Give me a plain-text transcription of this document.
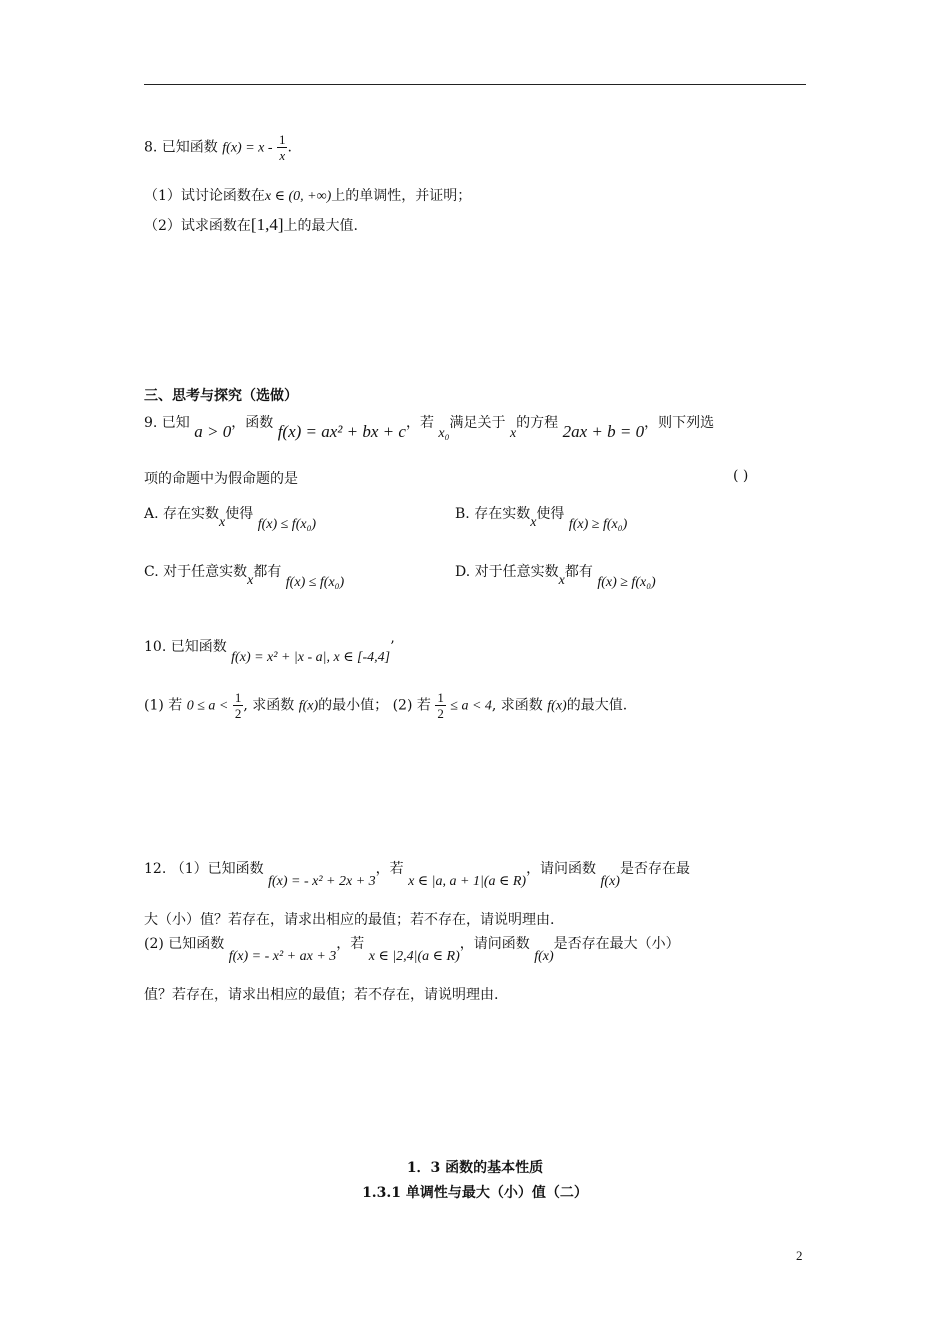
8. 已知函数 $f(x) = x - \frac{1}{x}$ .
（1）试讨论函数在x ∈ (0, +∞)上的单调性，并证明；
（2）试求函数在[1,4]上的最大值.
三、思考与探究（选做）
9. 已知 a > 0，函数 f(x) = ax² + bx + c，若 x₀满足关于 x的方程 2ax + b = 0，则下列选
项的命题中为假命题的是	( )
A. 存在实数x使得 f(x) ≤ f(x₀)
B. 存在实数x使得 f(x) ≥ f(x₀)
C. 对于任意实数x都有 f(x) ≤ f(x₀)
D. 对于任意实数x都有 f(x) ≥ f(x₀)
10. 已知函数 f(x) = x² + |x - a|, x ∈ [-4,4]’
(1) 若 $0 \le a < \frac{1}{2}$ , 求函数 f(x)的最小值； (2) 若 $\frac{1}{2} \le a < 4$, 求函数 f(x)的最大值.
12. （1）已知函数 f(x) = - x² + 2x + 3，若 x ∈ |a, a + 1|(a ∈ R)，请问函数 f(x)是否存在最
大（小）值？若存在，请求出相应的最值；若不存在，请说明理由.
(2) 已知函数 f(x) = - x² + ax + 3，若 x ∈ |2,4|(a ∈ R)，请问函数 f(x)是否存在最大（小）
值？若存在，请求出相应的最值；若不存在，请说明理由.
1．3 函数的基本性质
1.3.1 单调性与最大（小）值（二）
2
